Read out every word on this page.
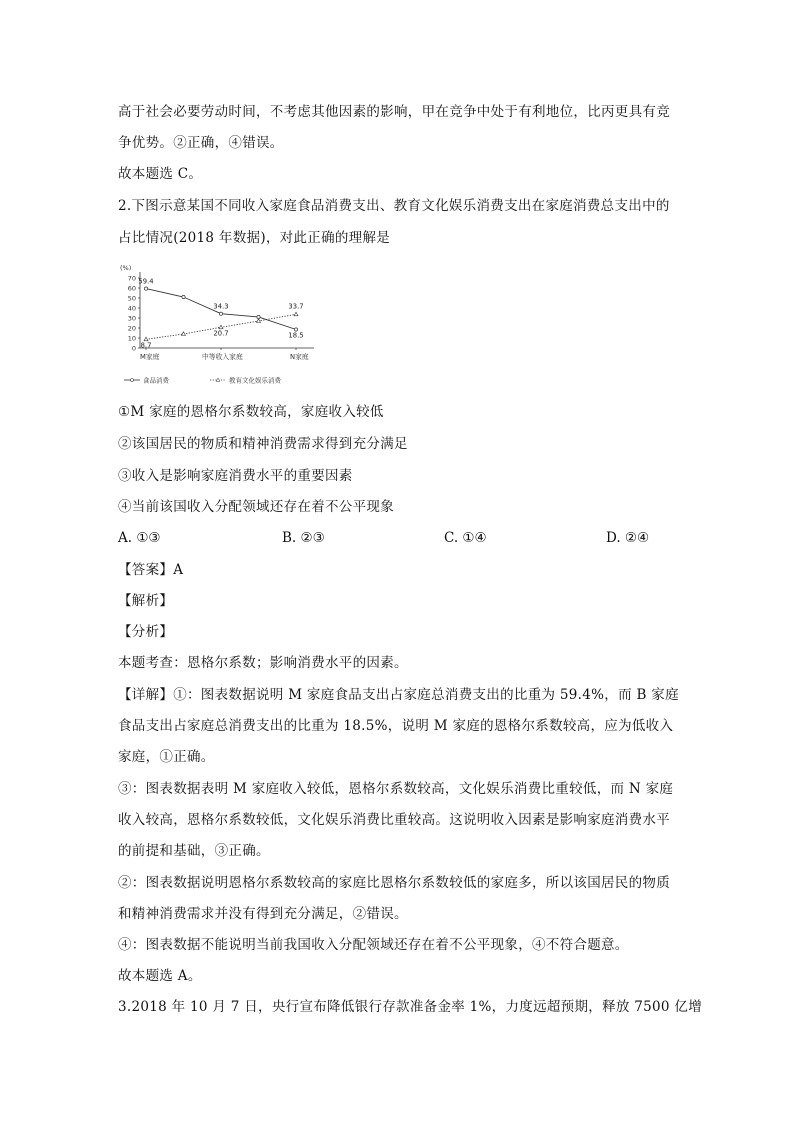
高于社会必要劳动时间，不考虑其他因素的影响，甲在竞争中处于有利地位，比丙更具有竞
争优势。②正确，④错误。
故本题选 C。
2.下图示意某国不同收入家庭食品消费支出、教育文化娱乐消费支出在家庭消费总支出中的
占比情况(2018 年数据)，对此正确的理解是
(%)
0
10
20
30
40
50
60
70
M家庭	中等收入家庭	N家庭
59.4
34.3
18.5
8.7
20.7
33.7
食品消费	教育文化娱乐消费
①M 家庭的恩格尔系数较高，家庭收入较低
②该国居民的物质和精神消费需求得到充分满足
③收入是影响家庭消费水平的重要因素
④当前该国收入分配领域还存在着不公平现象
A. ①③	B. ②③	C. ①④	D. ②④
【答案】A
【解析】
【分析】
本题考查：恩格尔系数；影响消费水平的因素。
【详解】①：图表数据说明 M 家庭食品支出占家庭总消费支出的比重为 59.4%，而 B 家庭
食品支出占家庭总消费支出的比重为 18.5%，说明 M 家庭的恩格尔系数较高，应为低收入
家庭，①正确。
③：图表数据表明 M 家庭收入较低，恩格尔系数较高，文化娱乐消费比重较低，而 N 家庭
收入较高，恩格尔系数较低，文化娱乐消费比重较高。这说明收入因素是影响家庭消费水平
的前提和基础，③正确。
②：图表数据说明恩格尔系数较高的家庭比恩格尔系数较低的家庭多，所以该国居民的物质
和精神消费需求并没有得到充分满足，②错误。
④：图表数据不能说明当前我国收入分配领域还存在着不公平现象，④不符合题意。
故本题选 A。
3.2018 年 10 月 7 日，央行宣布降低银行存款准备金率 1%，力度远超预期，释放 7500 亿增
